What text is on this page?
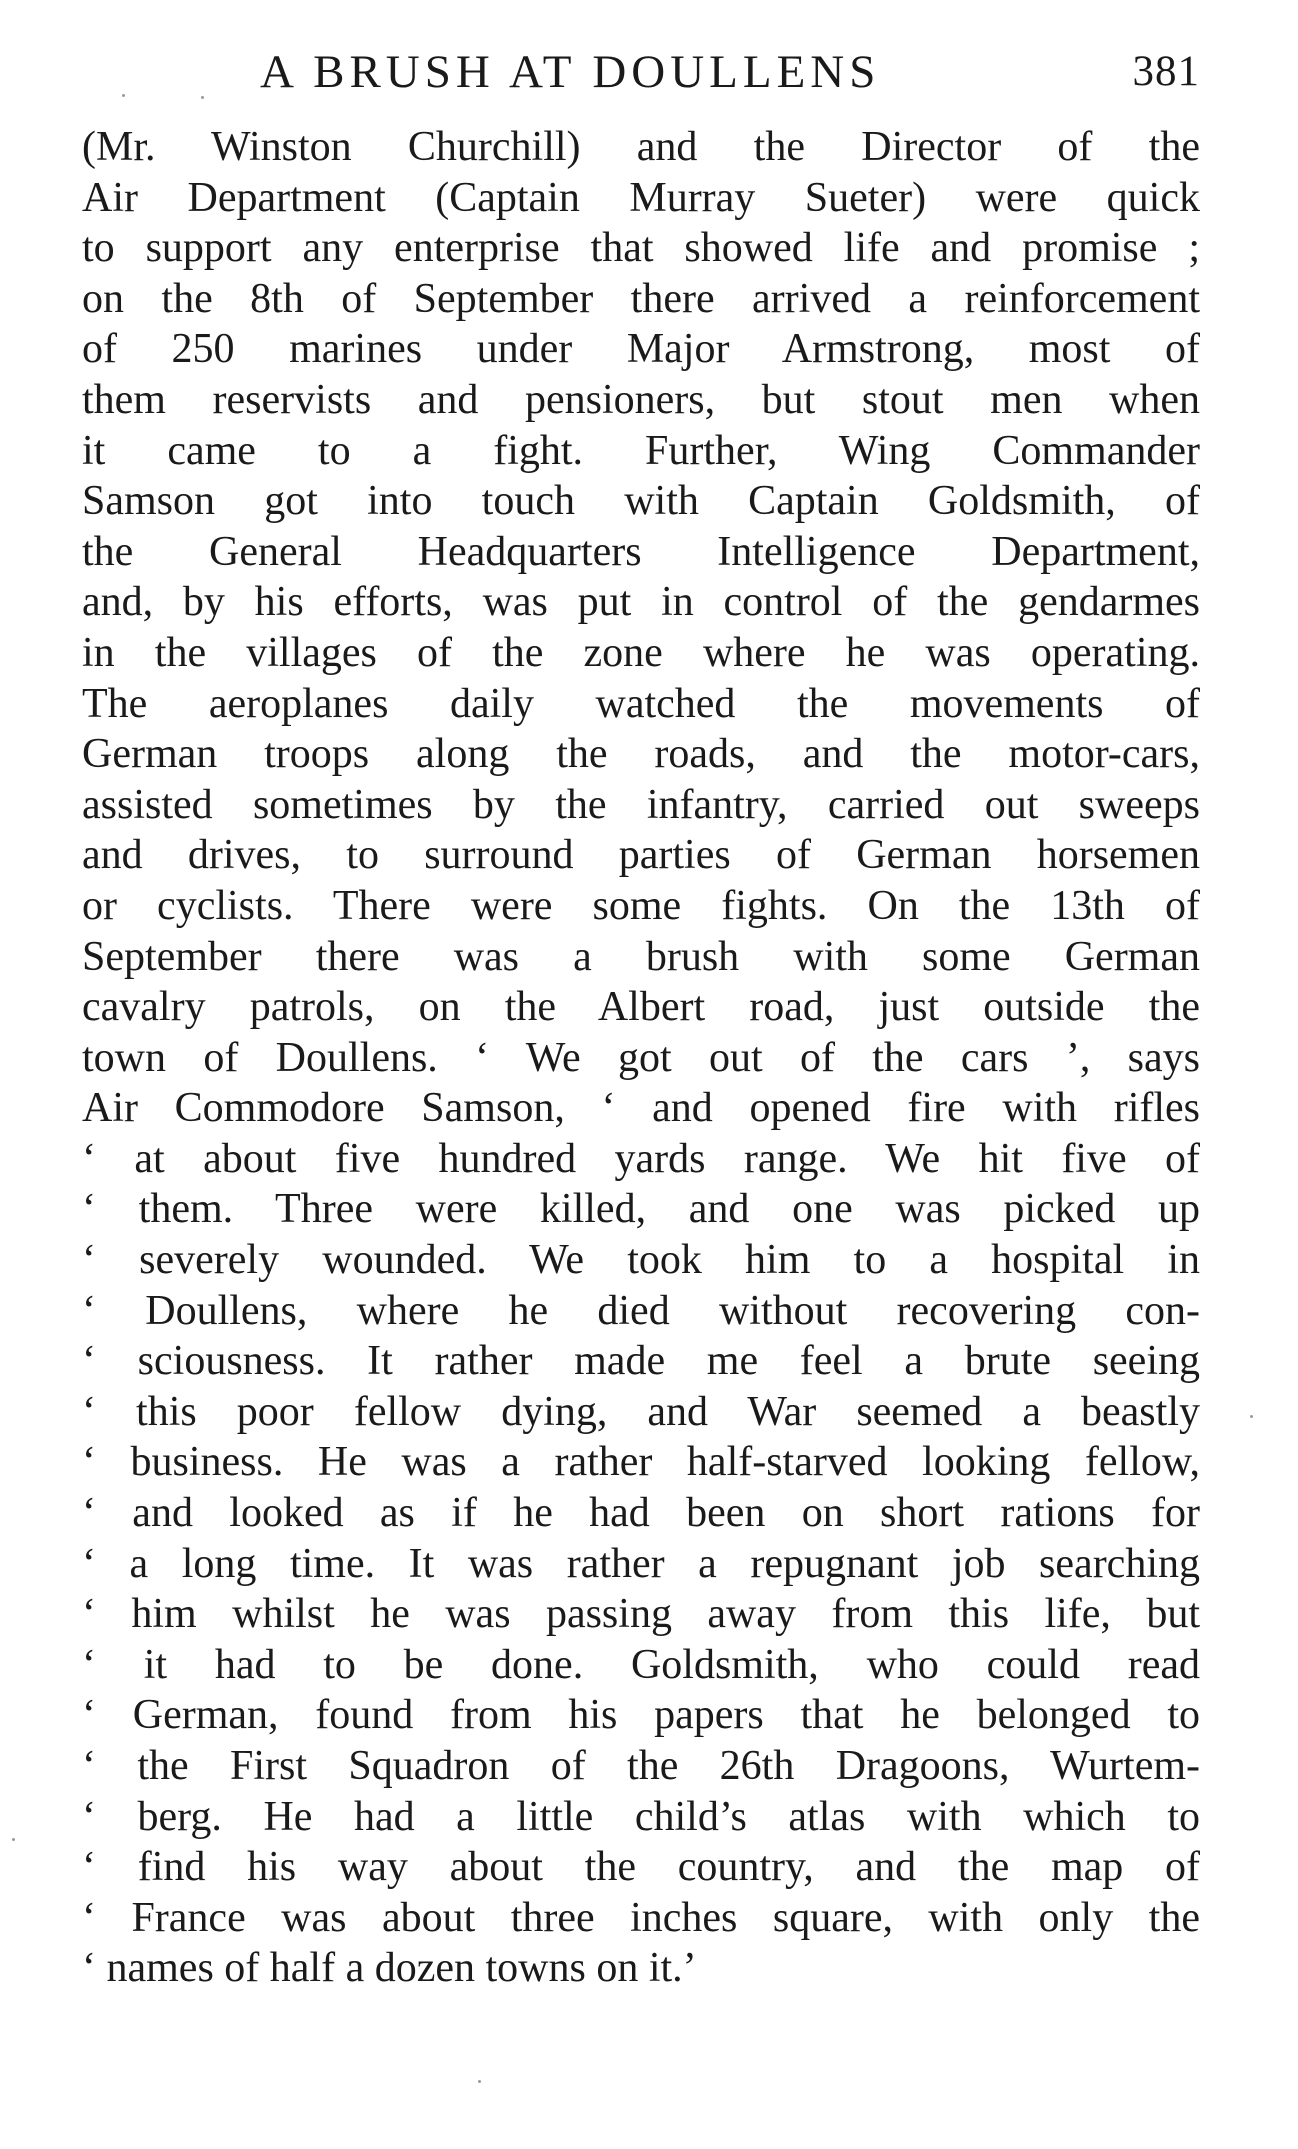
A BRUSH AT DOULLENS	381
(Mr. Winston Churchill) and the Director of the
Air Department (Captain Murray Sueter) were quick
to support any enterprise that showed life and promise ;
on the 8th of September there arrived a reinforcement
of 250 marines under Major Armstrong, most of
them reservists and pensioners, but stout men when
it came to a fight. Further, Wing Commander
Samson got into touch with Captain Goldsmith, of
the General Headquarters Intelligence Department,
and, by his efforts, was put in control of the gendarmes
in the villages of the zone where he was operating.
The aeroplanes daily watched the movements of
German troops along the roads, and the motor-cars,
assisted sometimes by the infantry, carried out sweeps
and drives, to surround parties of German horsemen
or cyclists. There were some fights. On the 13th of
September there was a brush with some German
cavalry patrols, on the Albert road, just outside the
town of Doullens. ‘ We got out of the cars ’, says
Air Commodore Samson, ‘ and opened fire with rifles
‘ at about five hundred yards range. We hit five of
‘ them. Three were killed, and one was picked up
‘ severely wounded. We took him to a hospital in
‘ Doullens, where he died without recovering con-
‘ sciousness. It rather made me feel a brute seeing
‘ this poor fellow dying, and War seemed a beastly
‘ business. He was a rather half-starved looking fellow,
‘ and looked as if he had been on short rations for
‘ a long time. It was rather a repugnant job searching
‘ him whilst he was passing away from this life, but
‘ it had to be done. Goldsmith, who could read
‘ German, found from his papers that he belonged to
‘ the First Squadron of the 26th Dragoons, Wurtem-
‘ berg. He had a little child’s atlas with which to
‘ find his way about the country, and the map of
‘ France was about three inches square, with only the
‘ names of half a dozen towns on it.’
